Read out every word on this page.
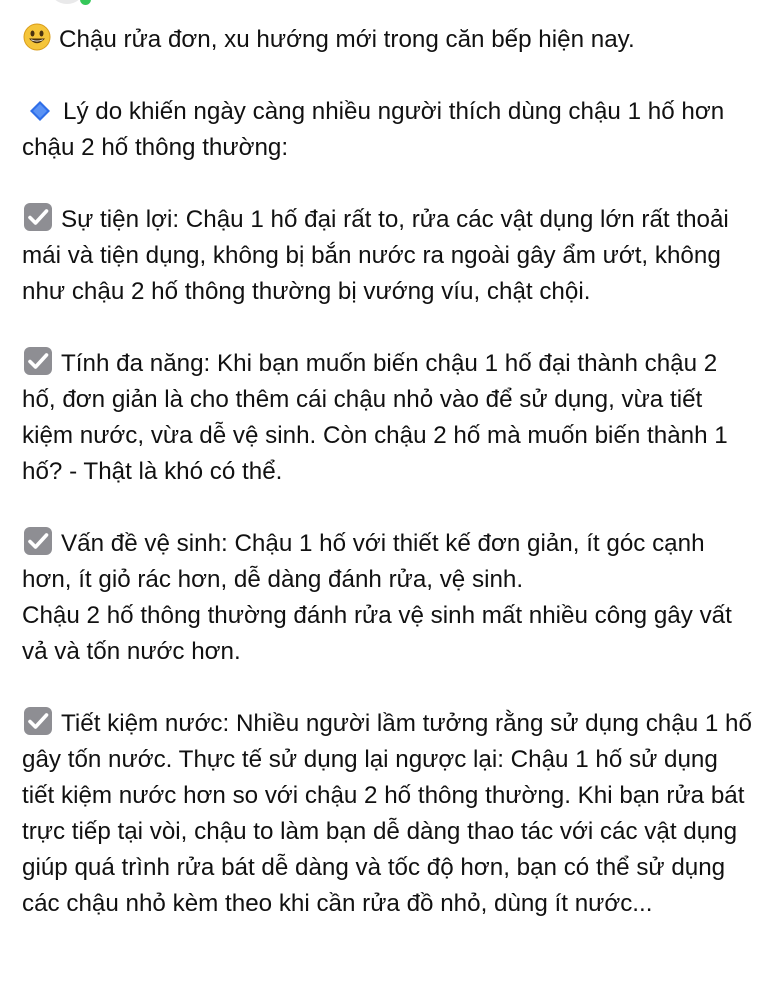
Chậu rửa đơn, xu hướng mới trong căn bếp hiện nay.

Lý do khiến ngày càng nhiều người thích dùng chậu 1 hố hơn chậu 2 hố thông thường:

Sự tiện lợi: Chậu 1 hố đại rất to, rửa các vật dụng lớn rất thoải mái và tiện dụng, không bị bắn nước ra ngoài gây ẩm ướt, không như chậu 2 hố thông thường bị vướng víu, chật chội.

Tính đa năng: Khi bạn muốn biến chậu 1 hố đại thành chậu 2 hố, đơn giản là cho thêm cái chậu nhỏ vào để sử dụng, vừa tiết kiệm nước, vừa dễ vệ sinh. Còn chậu 2 hố mà muốn biến thành 1 hố? - Thật là khó có thể.

Vấn đề vệ sinh: Chậu 1 hố với thiết kế đơn giản, ít góc cạnh hơn, ít giỏ rác hơn, dễ dàng đánh rửa, vệ sinh.
Chậu 2 hố thông thường đánh rửa vệ sinh mất nhiều công gây vất vả và tốn nước hơn.

Tiết kiệm nước: Nhiều người lầm tưởng rằng sử dụng chậu 1 hố gây tốn nước. Thực tế sử dụng lại ngược lại: Chậu 1 hố sử dụng tiết kiệm nước hơn so với chậu 2 hố thông thường. Khi bạn rửa bát trực tiếp tại vòi, chậu to làm bạn dễ dàng thao tác với các vật dụng giúp quá trình rửa bát dễ dàng và tốc độ hơn, bạn có thể sử dụng các chậu nhỏ kèm theo khi cần rửa đồ nhỏ, dùng ít nước...
